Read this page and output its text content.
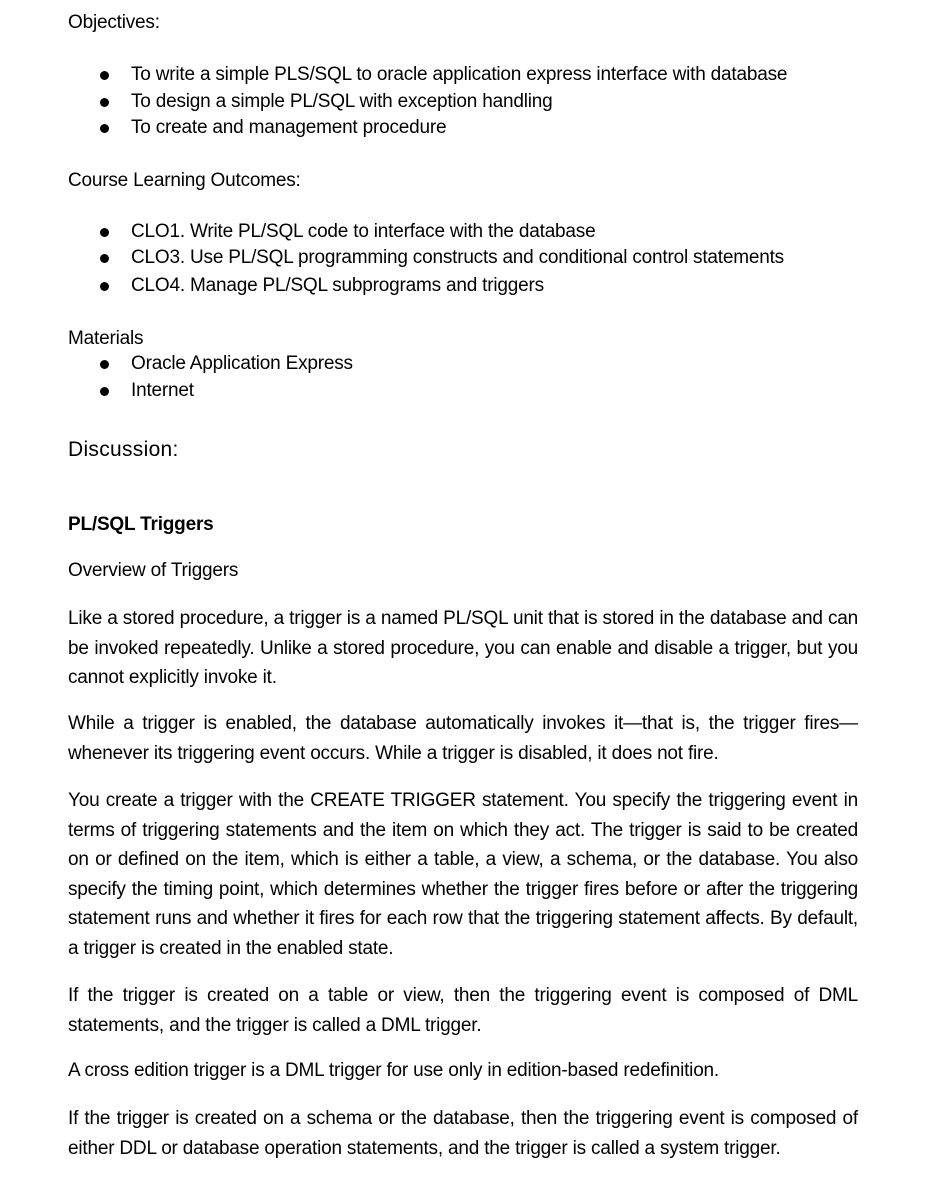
Objectives:
To write a simple PLS/SQL to oracle application express interface with database
To design a simple PL/SQL with exception handling
To create and management procedure
Course Learning Outcomes:
CLO1. Write PL/SQL code to interface with the database
CLO3. Use PL/SQL programming constructs and conditional control statements
CLO4. Manage PL/SQL subprograms and triggers
Materials
Oracle Application Express
Internet
Discussion:
PL/SQL Triggers
Overview of Triggers

Like a stored procedure, a trigger is a named PL/SQL unit that is stored in the database and can be invoked repeatedly. Unlike a stored procedure, you can enable and disable a trigger, but you cannot explicitly invoke it.

While a trigger is enabled, the database automatically invokes it—that is, the trigger fires— whenever its triggering event occurs. While a trigger is disabled, it does not fire.

You create a trigger with the CREATE TRIGGER statement. You specify the triggering event in terms of triggering statements and the item on which they act. The trigger is said to be created on or defined on the item, which is either a table, a view, a schema, or the database. You also specify the timing point, which determines whether the trigger fires before or after the triggering statement runs and whether it fires for each row that the triggering statement affects. By default, a trigger is created in the enabled state.

If the trigger is created on a table or view, then the triggering event is composed of DML statements, and the trigger is called a DML trigger.

A cross edition trigger is a DML trigger for use only in edition-based redefinition.

If the trigger is created on a schema or the database, then the triggering event is composed of either DDL or database operation statements, and the trigger is called a system trigger.
